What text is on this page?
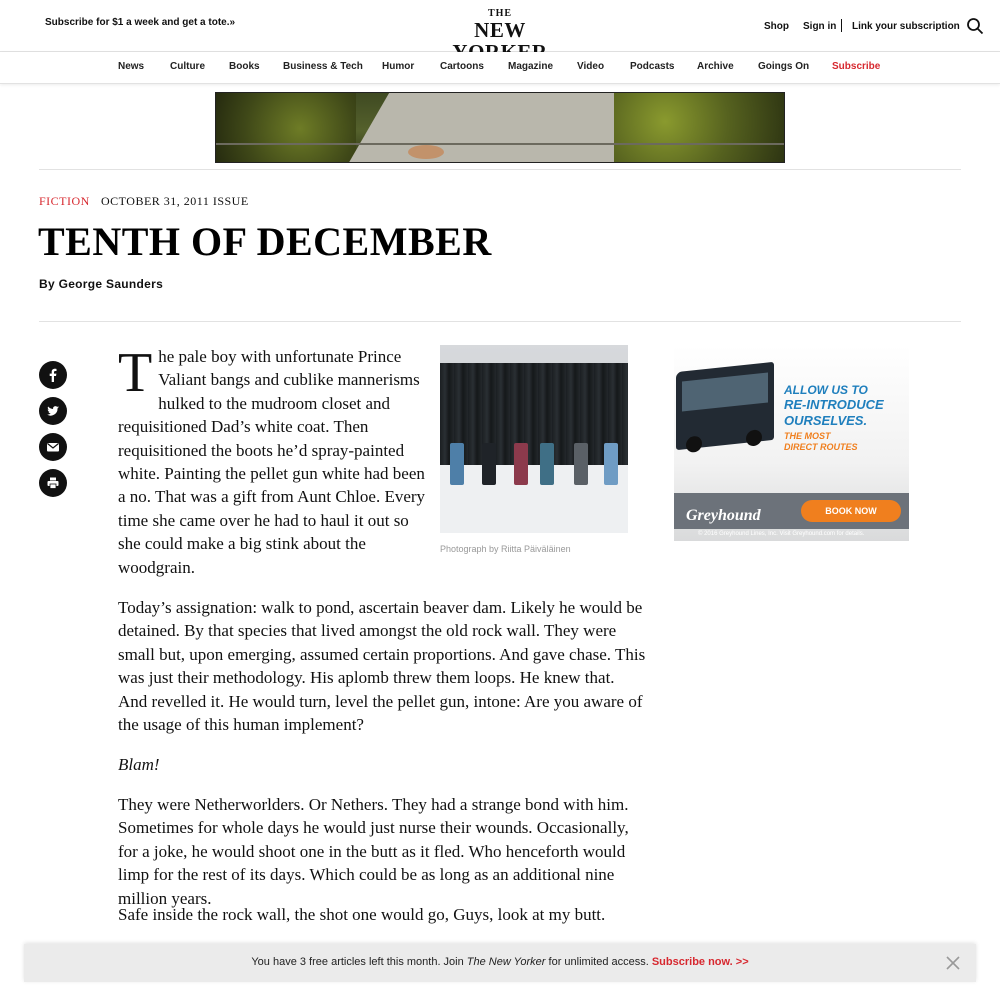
Subscribe for $1 a week and get a tote.»
THE
NEW	Shop Sign in Link your subscription
News	Culture Books Business & Tech Humor	Cartoons Magazine Video	Podcasts Archive Goings On Subscribe
FICTION OCTOBER 31, 2011 ISSUE
TENTH OF DECEMBER
By George Saunders
The pale boy with unfortunate Prince Valiant bangs and cublike mannerisms hulked to the mudroom closet and requisitioned Dad’s white coat. Then requisitioned the boots he’d spray-painted white. Painting the pellet gun white had been a no. That was a gift from Aunt Chloe. Every time she came over he had to haul it out so she could make a big stink about the woodgrain.
Photograph by Riitta Päiväläinen
Today’s assignation: walk to pond, ascertain beaver dam. Likely he would be detained. By that species that lived amongst the old rock wall. They were small but, upon emerging, assumed certain proportions. And gave chase. This was just their methodology. His aplomb threw them loops. He knew that. And revelled it. He would turn, level the pellet gun, intone: Are you aware of the usage of this human implement?
Blam!
They were Netherworlders. Or Nethers. They had a strange bond with him. Sometimes for whole days he would just nurse their wounds. Occasionally, for a joke, he would shoot one in the butt as it fled. Who henceforth would limp for the rest of its days. Which could be as long as an additional nine million years.
Safe inside the rock wall, the shot one would go, Guys, look at my butt.
ALLOW US TO
RE-INTRODUCE
OURSELVES.
THE MOST
DIRECT ROUTES
Greyhound	BOOK NOW
© 2016 Greyhound Lines, Inc. Visit Greyhound.com for details.
You have 3 free articles left this month. Join The New Yorker for unlimited access. Subscribe now. >>
